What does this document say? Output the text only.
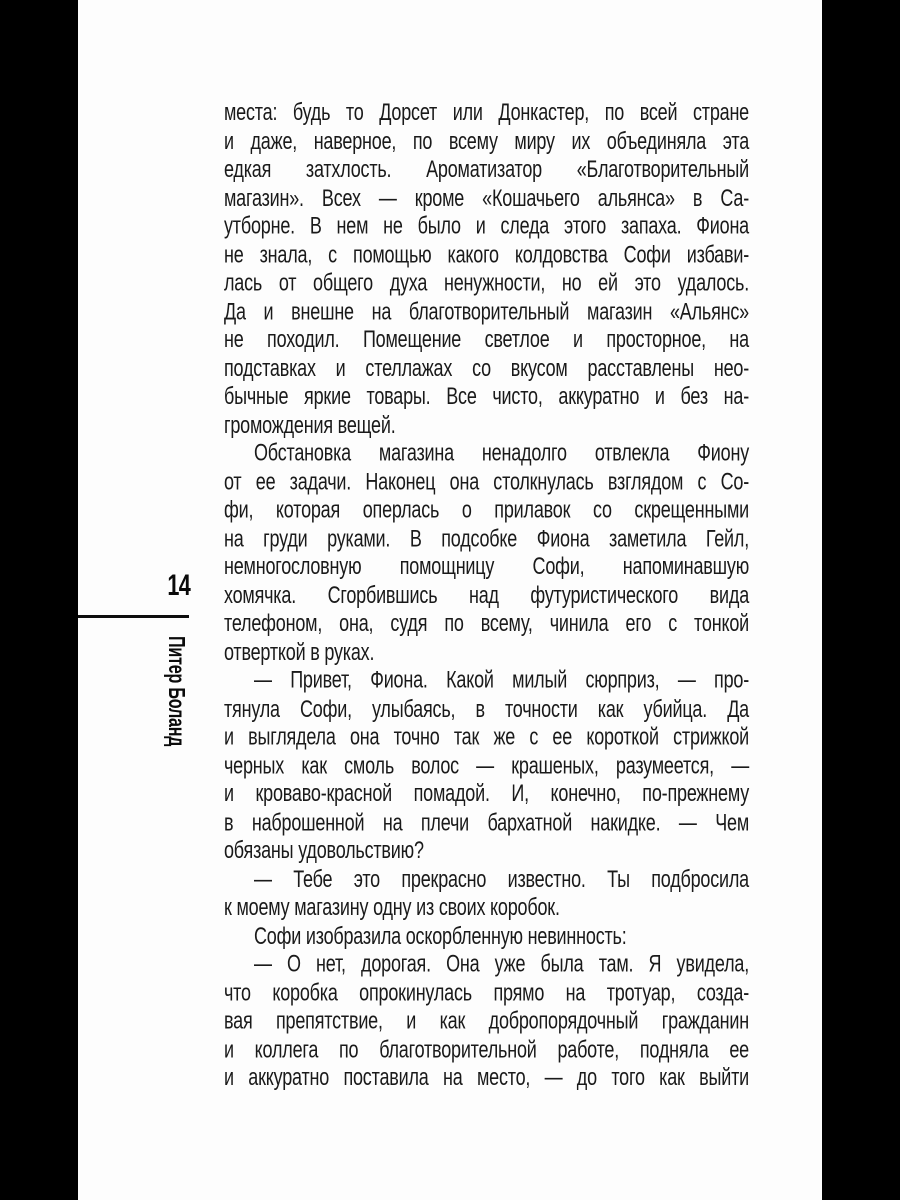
14
Питер Боланд
места: будь то Дорсет или Донкастер, по всей стране
и даже, наверное, по всему миру их объединяла эта
едкая затхлость. Ароматизатор «Благотворительный
магазин». Всех — кроме «Кошачьего альянса» в Са-
утборне. В нем не было и следа этого запаха. Фиона
не знала, с помощью какого колдовства Софи избави-
лась от общего духа ненужности, но ей это удалось.
Да и внешне на благотворительный магазин «Альянс»
не походил. Помещение светлое и просторное, на
подставках и стеллажах со вкусом расставлены нео-
бычные яркие товары. Все чисто, аккуратно и без на-
громождения вещей.
Обстановка магазина ненадолго отвлекла Фиону
от ее задачи. Наконец она столкнулась взглядом с Со-
фи, которая оперлась о прилавок со скрещенными
на груди руками. В подсобке Фиона заметила Гейл,
немногословную помощницу Софи, напоминавшую
хомячка. Сгорбившись над футуристического вида
телефоном, она, судя по всему, чинила его с тонкой
отверткой в руках.
— Привет, Фиона. Какой милый сюрприз, — про-
тянула Софи, улыбаясь, в точности как убийца. Да
и выглядела она точно так же с ее короткой стрижкой
черных как смоль волос — крашеных, разумеется, —
и кроваво-красной помадой. И, конечно, по-прежнему
в наброшенной на плечи бархатной накидке. — Чем
обязаны удовольствию?
— Тебе это прекрасно известно. Ты подбросила
к моему магазину одну из своих коробок.
Софи изобразила оскорбленную невинность:
— О нет, дорогая. Она уже была там. Я увидела,
что коробка опрокинулась прямо на тротуар, созда-
вая препятствие, и как добропорядочный гражданин
и коллега по благотворительной работе, подняла ее
и аккуратно поставила на место, — до того как выйти
